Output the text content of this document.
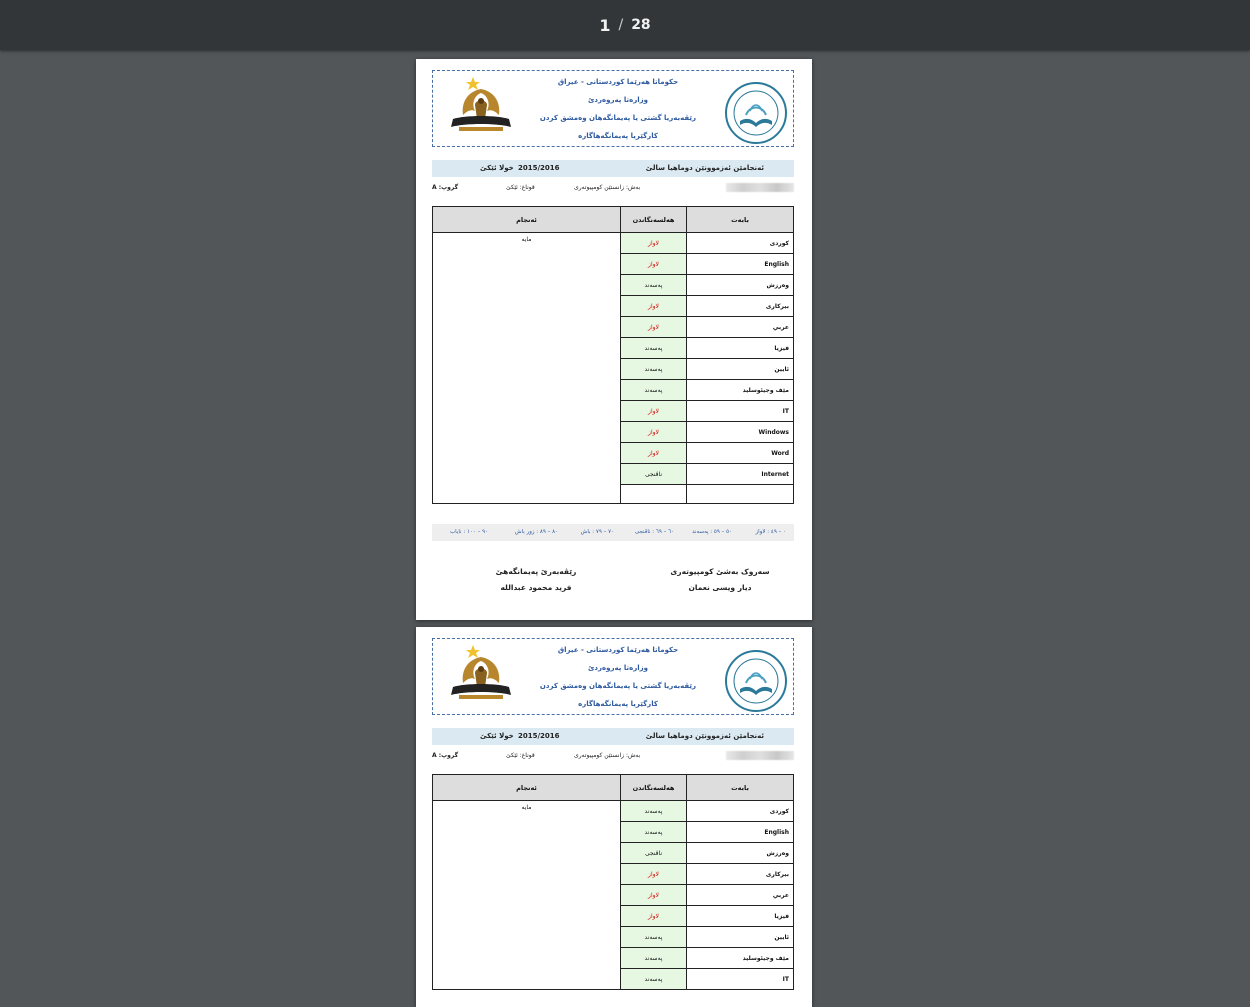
1 / 28
حکوماتا هەرێما کوردستانی - عیراق
وزارەتا پەروەردێ
رێڤەبەریا گشتی یا پەیمانگەهان وەمشق کردن
کارگێریا پەیمانگەهاگارە
ئەنجامێن ئەزموونێن دوماهیا سالێ
2015/2016
خولا ئێکێ
بەش: زانستێن کومپیوتەری
قوناغ: ئێکێ
گروپ: A
ئەنجام	هەلسەنگاندن	بابەت
مایە	لاواز	کوردی
	لاواز	English
	پەسەند	وەرزش
	لاواز	بیرکاری
	لاواز	عربي
	پەسەند	فیزیا
	پەسەند	ئایین
	پەسەند	مێف وجیئوسلید
	لاواز	IT
	لاواز	Windows
	لاواز	Word
	ناڤنجی	Internet

٠ – ٤٩ : لاواز
٥٠ – ٥٩ : پەسەند
٦٠ – ٦٩ : ناڤنجی
٧٠ – ٧٩ : باش
٨٠ – ٨٩ : زور باش
٩٠ – ١٠٠ : نایاب
سەروک بەشێ کومپیوتەری
دیار ویسی نعمان
رێڤەبەرێ پەیمانگەهێ
فرید محمود عبدالله
حکوماتا هەرێما کوردستانی - عیراق
وزارەتا پەروەردێ
رێڤەبەریا گشتی یا پەیمانگەهان وەمشق کردن
کارگێریا پەیمانگەهاگارە
ئەنجامێن ئەزموونێن دوماهیا سالێ
2015/2016
خولا ئێکێ
بەش: زانستێن کومپیوتەری
قوناغ: ئێکێ
گروپ: A
ئەنجام	هەلسەنگاندن	بابەت
مایە	پەسەند	کوردی
	پەسەند	English
	ناڤنجی	وەرزش
	لاواز	بیرکاری
	لاواز	عربي
	لاواز	فیزیا
	پەسەند	ئایین
	پەسەند	مێف وجیئوسلید
	پەسەند	IT
